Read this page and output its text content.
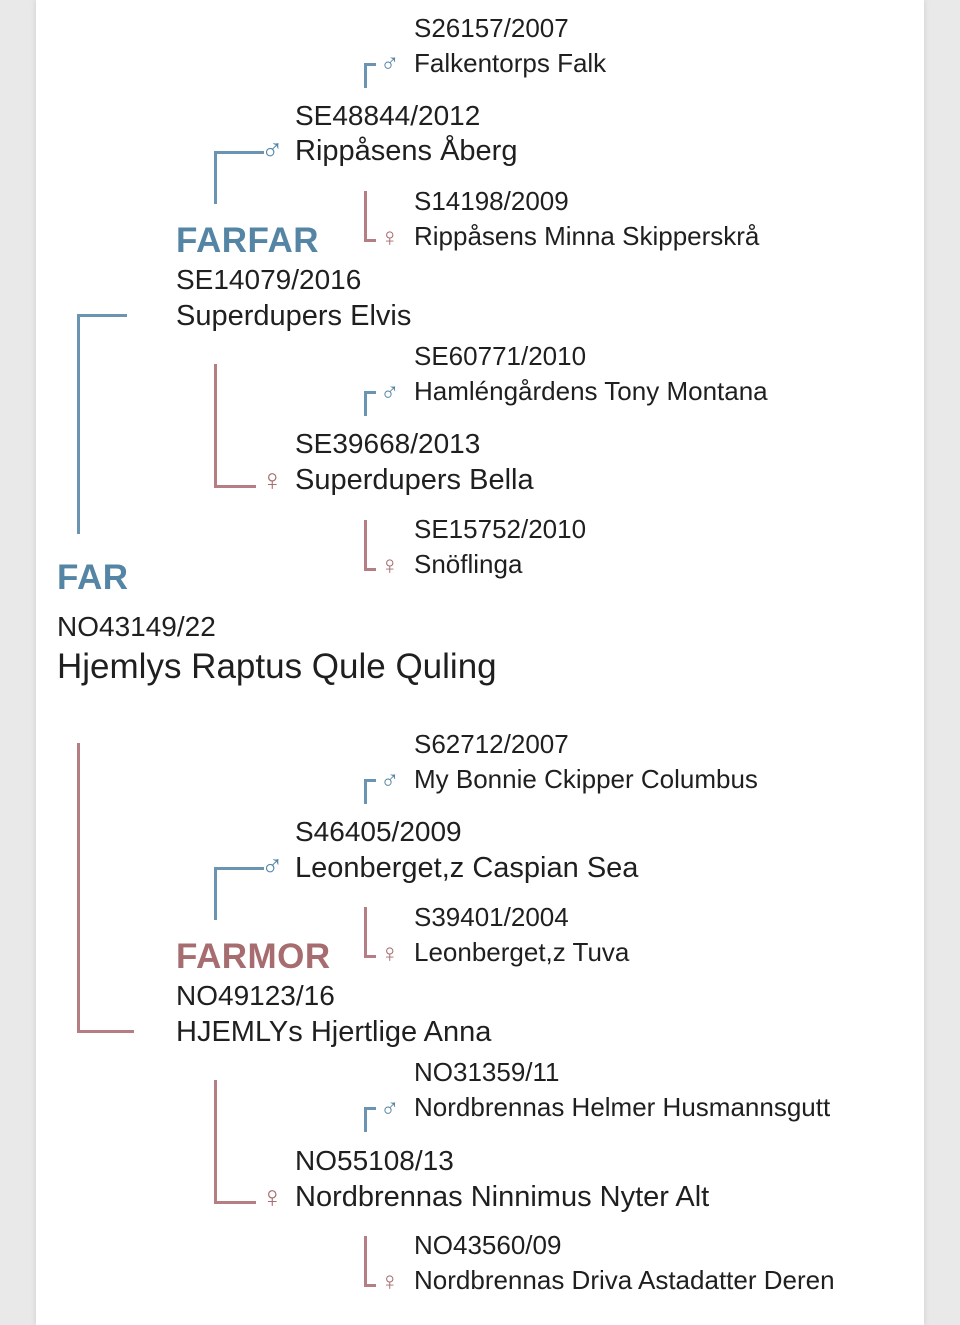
S26157/2007
♂ Falkentorps Falk
SE48844/2012
♂ Rippåsens Åberg
S14198/2009
♀ Rippåsens Minna Skipperskrå
FARFAR
SE14079/2016
Superdupers Elvis
SE60771/2010
♂ Hamléngårdens Tony Montana
SE39668/2013
♀ Superdupers Bella
SE15752/2010
♀ Snöflinga
FAR
NO43149/22
Hjemlys Raptus Qule Quling
S62712/2007
♂ My Bonnie Ckipper Columbus
S46405/2009
♂ Leonberget,z Caspian Sea
S39401/2004
♀ Leonberget,z Tuva
FARMOR
NO49123/16
HJEMLYs Hjertlige Anna
NO31359/11
♂ Nordbrennas Helmer Husmannsgutt
NO55108/13
♀ Nordbrennas Ninnimus Nyter Alt
NO43560/09
♀ Nordbrennas Driva Astadatter Deren
